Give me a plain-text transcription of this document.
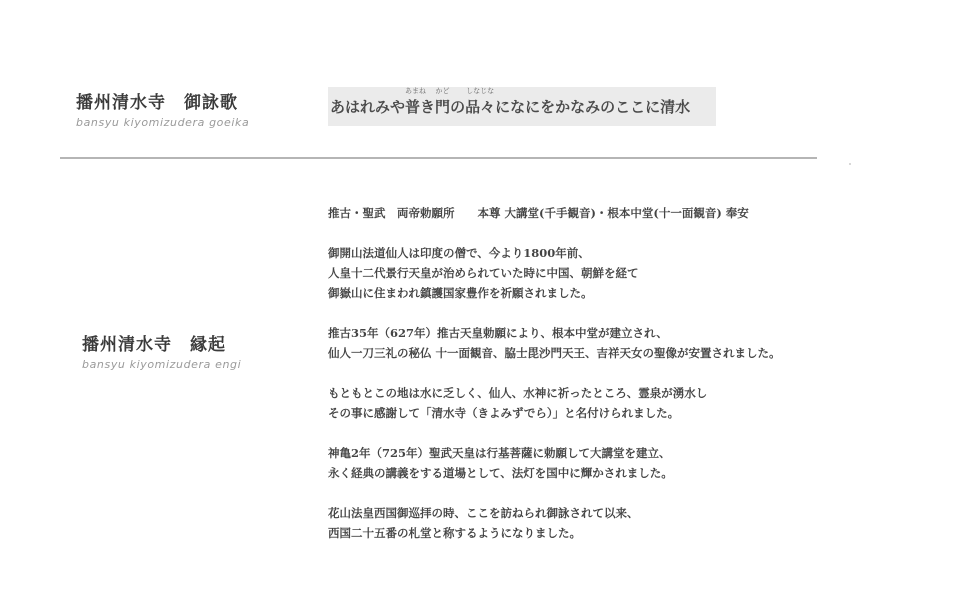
播州清水寺　御詠歌
bansyu kiyomizudera goeika
あはれみや 普
あまね
き 門
かど
の 品々
しなじな
になにをかなみのここに清水
播州清水寺　縁起
bansyu kiyomizudera engi
推古・聖武　両帝勅願所　　本尊 大講堂(千手観音)・根本中堂(十一面観音) 奉安
御開山法道仙人は印度の僧で、今より1800年前、
人皇十二代景行天皇が治められていた時に中国、朝鮮を経て
御嶽山に住まわれ鎮護国家豊作を祈願されました。
推古35年（627年）推古天皇勅願により、根本中堂が建立され、
仙人一刀三礼の秘仏 十一面観音、脇士毘沙門天王、吉祥天女の聖像が安置されました。
もともとこの地は水に乏しく、仙人、水神に祈ったところ、霊泉が湧水し
その事に感謝して「清水寺（きよみずでら）」と名付けられました。
神亀2年（725年）聖武天皇は行基菩薩に勅願して大講堂を建立、
永く経典の講義をする道場として、法灯を国中に輝かされました。
花山法皇西国御巡拝の時、ここを訪ねられ御詠されて以来、
西国二十五番の札堂と称するようになりました。
